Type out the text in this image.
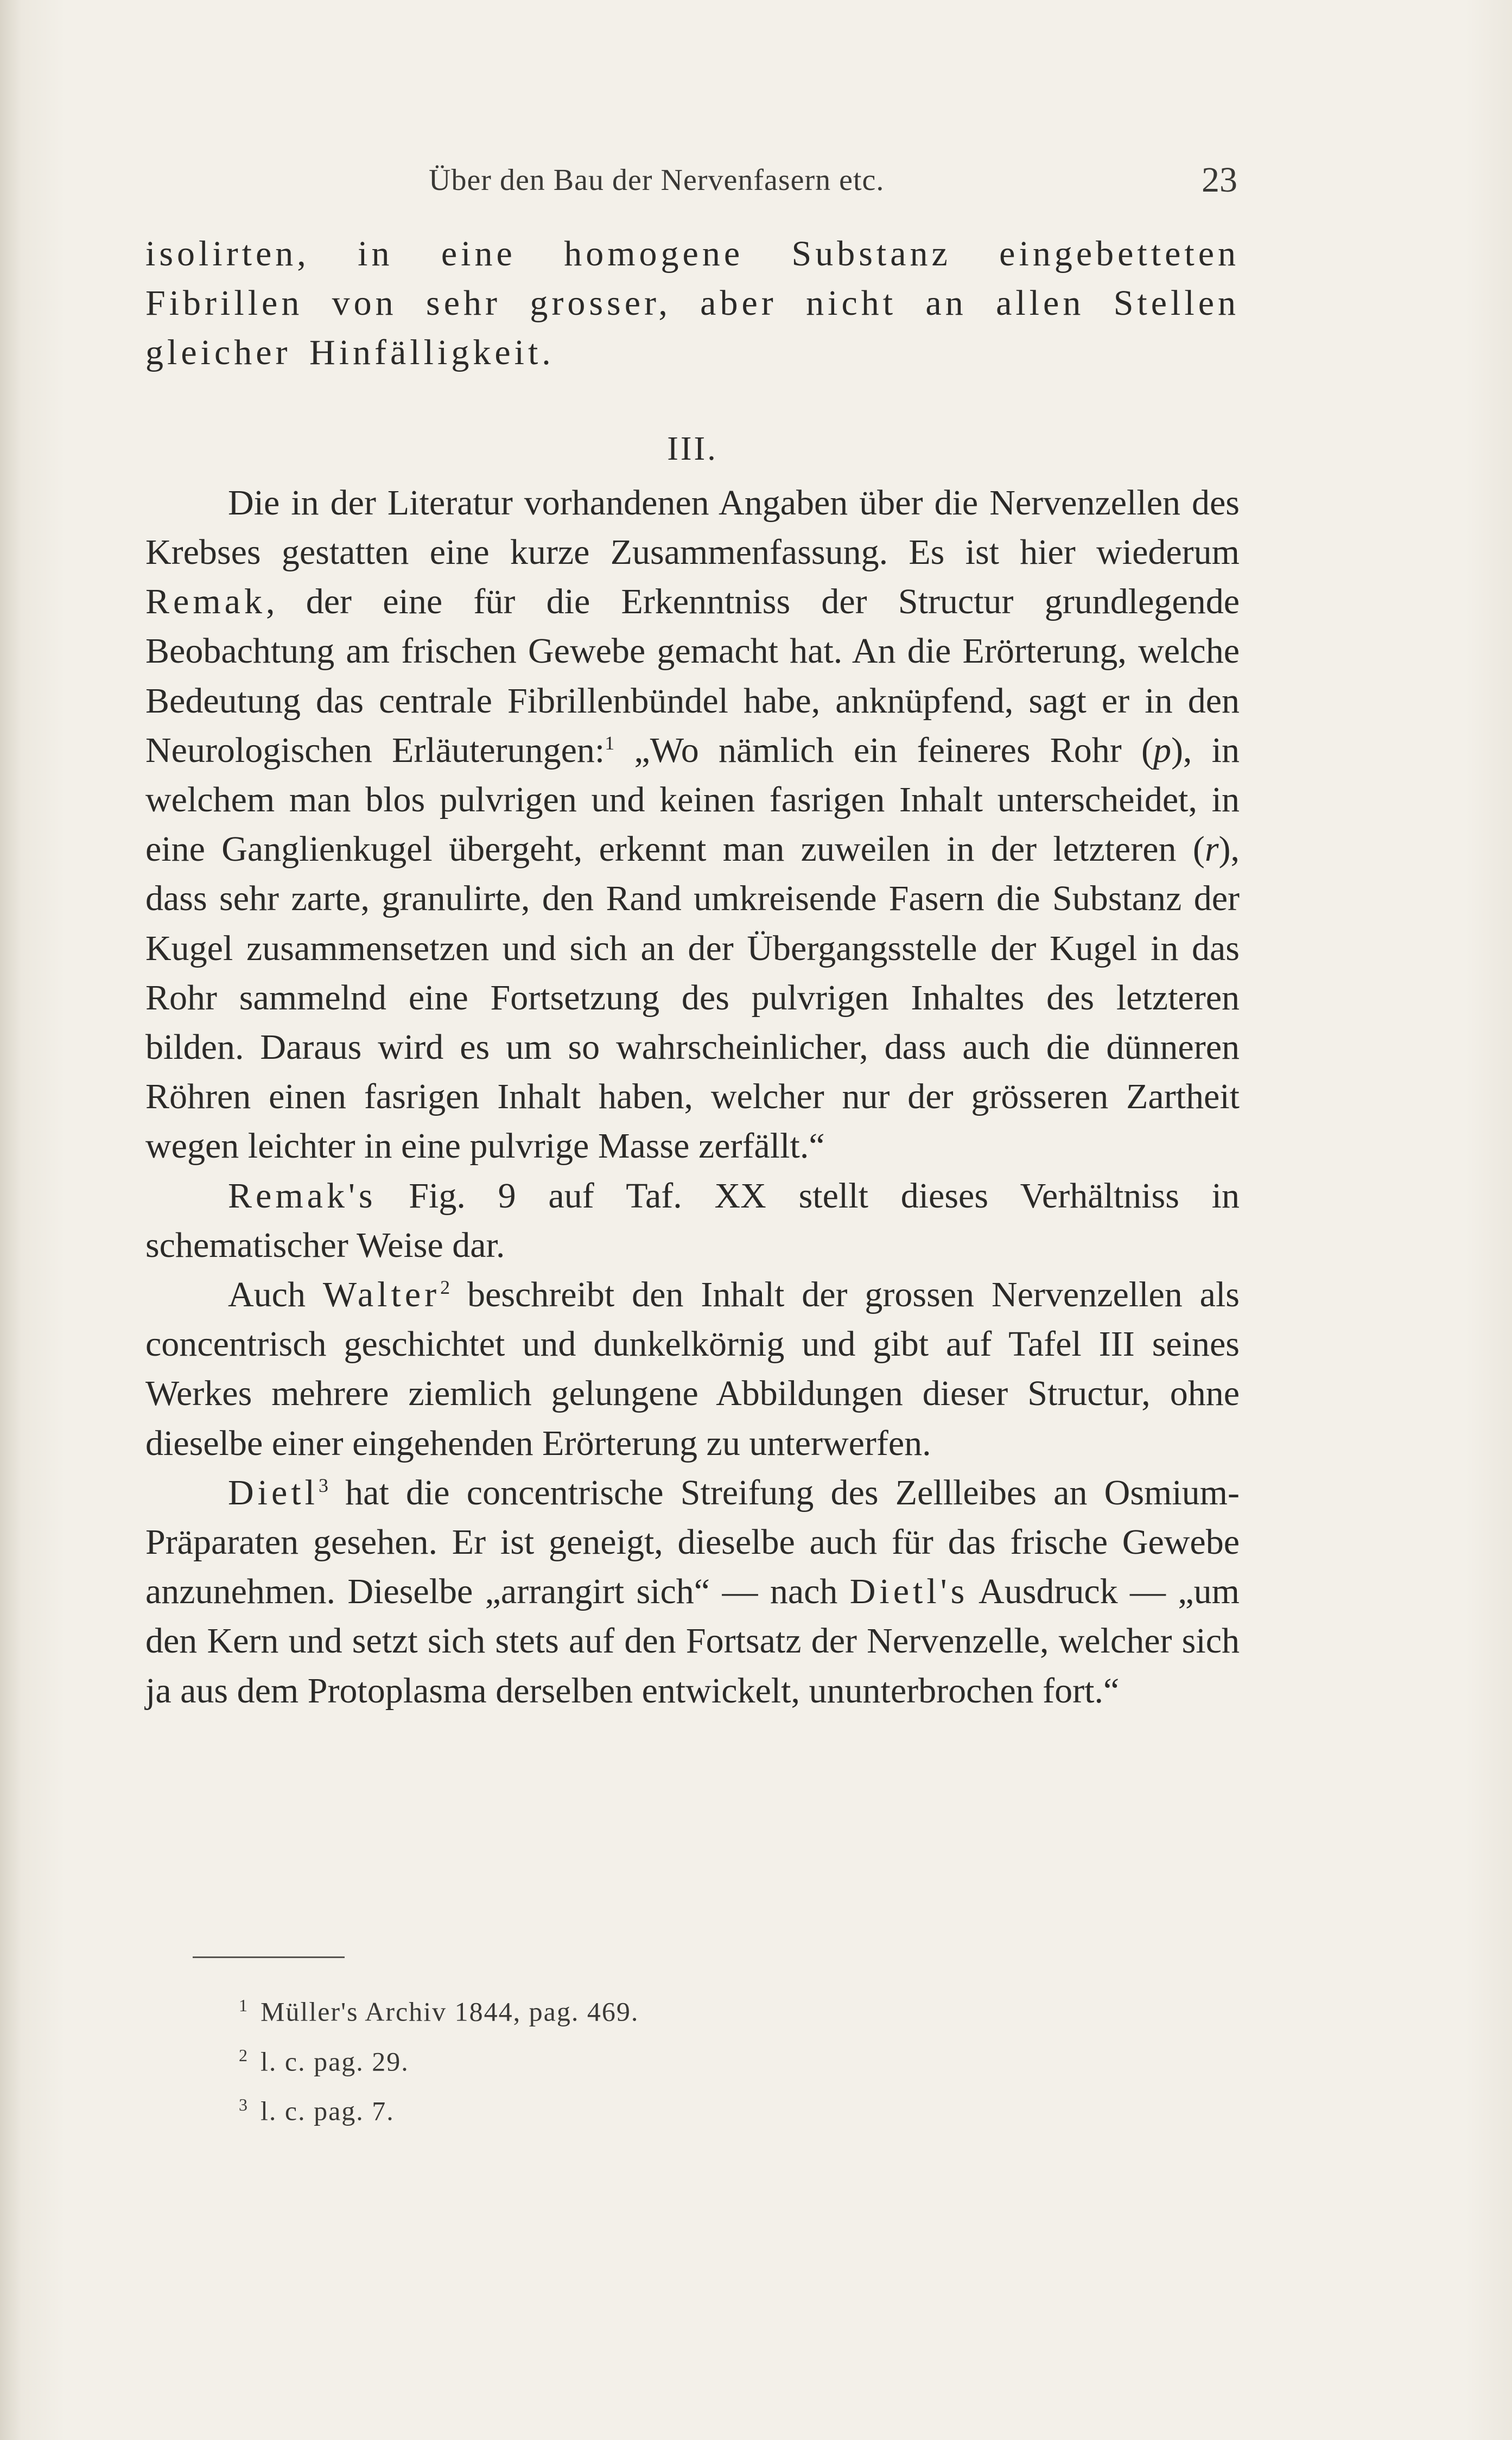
Über den Bau der Nervenfasern etc.	23

isolirten, in eine homogene Substanz eingebetteten Fibrillen von sehr grosser, aber nicht an allen Stellen gleicher Hinfälligkeit.

III.

Die in der Literatur vorhandenen Angaben über die Nervenzellen des Krebses gestatten eine kurze Zusammenfassung. Es ist hier wiederum Remak, der eine für die Erkenntniss der Structur grundlegende Beobachtung am frischen Gewebe gemacht hat. An die Erörterung, welche Bedeutung das centrale Fibrillenbündel habe, anknüpfend, sagt er in den Neurologischen Erläuterungen:$^1$ „Wo nämlich ein feineres Rohr (p), in welchem man blos pulvrigen und keinen fasrigen Inhalt unterscheidet, in eine Ganglienkugel übergeht, erkennt man zuweilen in der letzteren (r), dass sehr zarte, granulirte, den Rand umkreisende Fasern die Substanz der Kugel zusammensetzen und sich an der Übergangsstelle der Kugel in das Rohr sammelnd eine Fortsetzung des pulvrigen Inhaltes des letzteren bilden. Daraus wird es um so wahrscheinlicher, dass auch die dünneren Röhren einen fasrigen Inhalt haben, welcher nur der grösseren Zartheit wegen leichter in eine pulvrige Masse zerfällt.“

Remak's Fig. 9 auf Taf. XX stellt dieses Verhältniss in schematischer Weise dar.

Auch Walter$^2$ beschreibt den Inhalt der grossen Nervenzellen als concentrisch geschichtet und dunkelkörnig und gibt auf Tafel III seines Werkes mehrere ziemlich gelungene Abbildungen dieser Structur, ohne dieselbe einer eingehenden Erörterung zu unterwerfen.

Dietl$^3$ hat die concentrische Streifung des Zellleibes an Osmium-Präparaten gesehen. Er ist geneigt, dieselbe auch für das frische Gewebe anzunehmen. Dieselbe „arrangirt sich“ — nach Dietl's Ausdruck — „um den Kern und setzt sich stets auf den Fortsatz der Nervenzelle, welcher sich ja aus dem Protoplasma derselben entwickelt, ununterbrochen fort.“

$^1$ Müller's Archiv 1844, pag. 469.
$^2$ l. c. pag. 29.
$^3$ l. c. pag. 7.
